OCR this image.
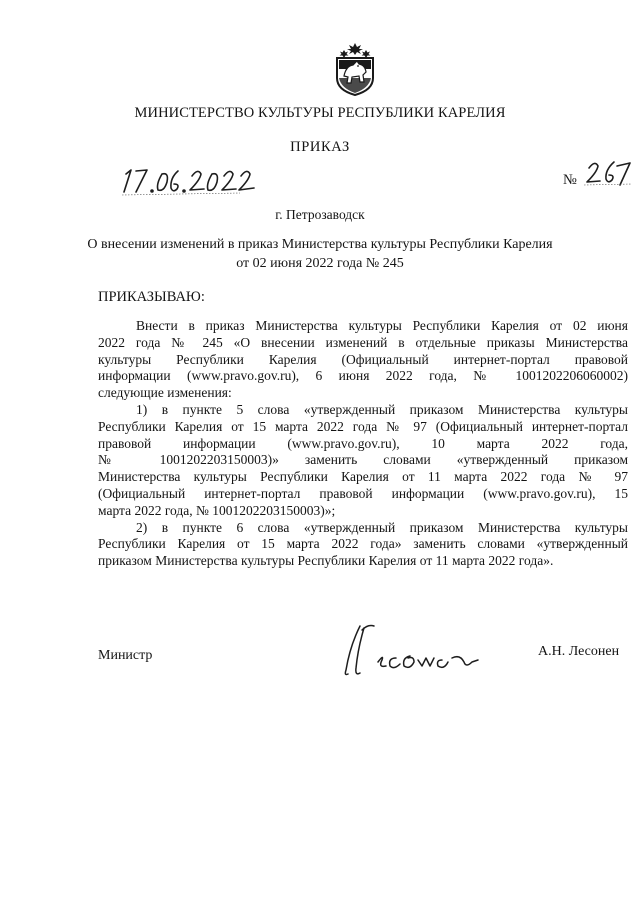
МИНИСТЕРСТВО КУЛЬТУРЫ РЕСПУБЛИКИ КАРЕЛИЯ
ПРИКАЗ
№
г. Петрозаводск
О внесении изменений в приказ Министерства культуры Республики Карелия
от 02 июня 2022 года № 245
ПРИКАЗЫВАЮ:
Внести в приказ Министерства культуры Республики Карелия от 02 июня
2022 года № 245 «О внесении изменений в отдельные приказы Министерства
культуры Республики Карелия (Официальный интернет-портал правовой
информации (www.pravo.gov.ru), 6 июня 2022 года, № 1001202206060002)
следующие изменения:
1) в пункте 5 слова «утвержденный приказом Министерства культуры
Республики Карелия от 15 марта 2022 года № 97 (Официальный интернет-портал
правовой информации (www.pravo.gov.ru), 10 марта 2022 года,
№ 1001202203150003)» заменить словами «утвержденный приказом
Министерства культуры Республики Карелия от 11 марта 2022 года № 97
(Официальный интернет-портал правовой информации (www.pravo.gov.ru), 15
марта 2022 года, № 1001202203150003)»;
2) в пункте 6 слова «утвержденный приказом Министерства культуры
Республики Карелия от 15 марта 2022 года» заменить словами «утвержденный
приказом Министерства культуры Республики Карелия от 11 марта 2022 года».
Министр	А.Н. Лесонен
